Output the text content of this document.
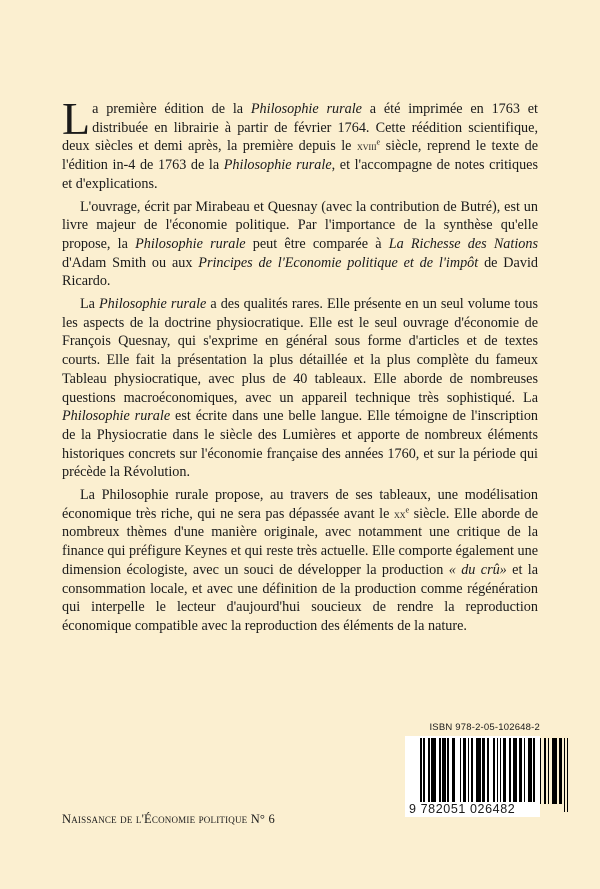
La première édition de la Philosophie rurale a été imprimée en 1763 et distribuée en librairie à partir de février 1764. Cette réédition scientifique, deux siècles et demi après, la première depuis le xviii$^e$ siècle, reprend le texte de l'édition in-4 de 1763 de la Philosophie rurale, et l'accompagne de notes critiques et d'explications.

L'ouvrage, écrit par Mirabeau et Quesnay (avec la contribution de Butré), est un livre majeur de l'économie politique. Par l'importance de la synthèse qu'elle propose, la Philosophie rurale peut être comparée à La Richesse des Nations d'Adam Smith ou aux Principes de l'Economie politique et de l'impôt de David Ricardo.

La Philosophie rurale a des qualités rares. Elle présente en un seul volume tous les aspects de la doctrine physiocratique. Elle est le seul ouvrage d'économie de François Quesnay, qui s'exprime en général sous forme d'articles et de textes courts. Elle fait la présentation la plus détaillée et la plus complète du fameux Tableau physiocratique, avec plus de 40 tableaux. Elle aborde de nombreuses questions macroéconomiques, avec un appareil technique très sophistiqué. La Philosophie rurale est écrite dans une belle langue. Elle témoigne de l'inscription de la Physiocratie dans le siècle des Lumières et apporte de nombreux éléments historiques concrets sur l'économie française des années 1760, et sur la période qui précède la Révolution.

La Philosophie rurale propose, au travers de ses tableaux, une modélisation économique très riche, qui ne sera pas dépassée avant le $xx^e$ siècle. Elle aborde de nombreux thèmes d'une manière originale, avec notamment une critique de la finance qui préfigure Keynes et qui reste très actuelle. Elle comporte également une dimension écologiste, avec un souci de développer la production « du crû» et la consommation locale, et avec une définition de la production comme régénération qui interpelle le lecteur d'aujourd'hui soucieux de rendre la reproduction économique compatible avec la reproduction des éléments de la nature.

Naissance de l'Économie politique N° 6
ISBN 978-2-05-102648-2
9 782051 026482
